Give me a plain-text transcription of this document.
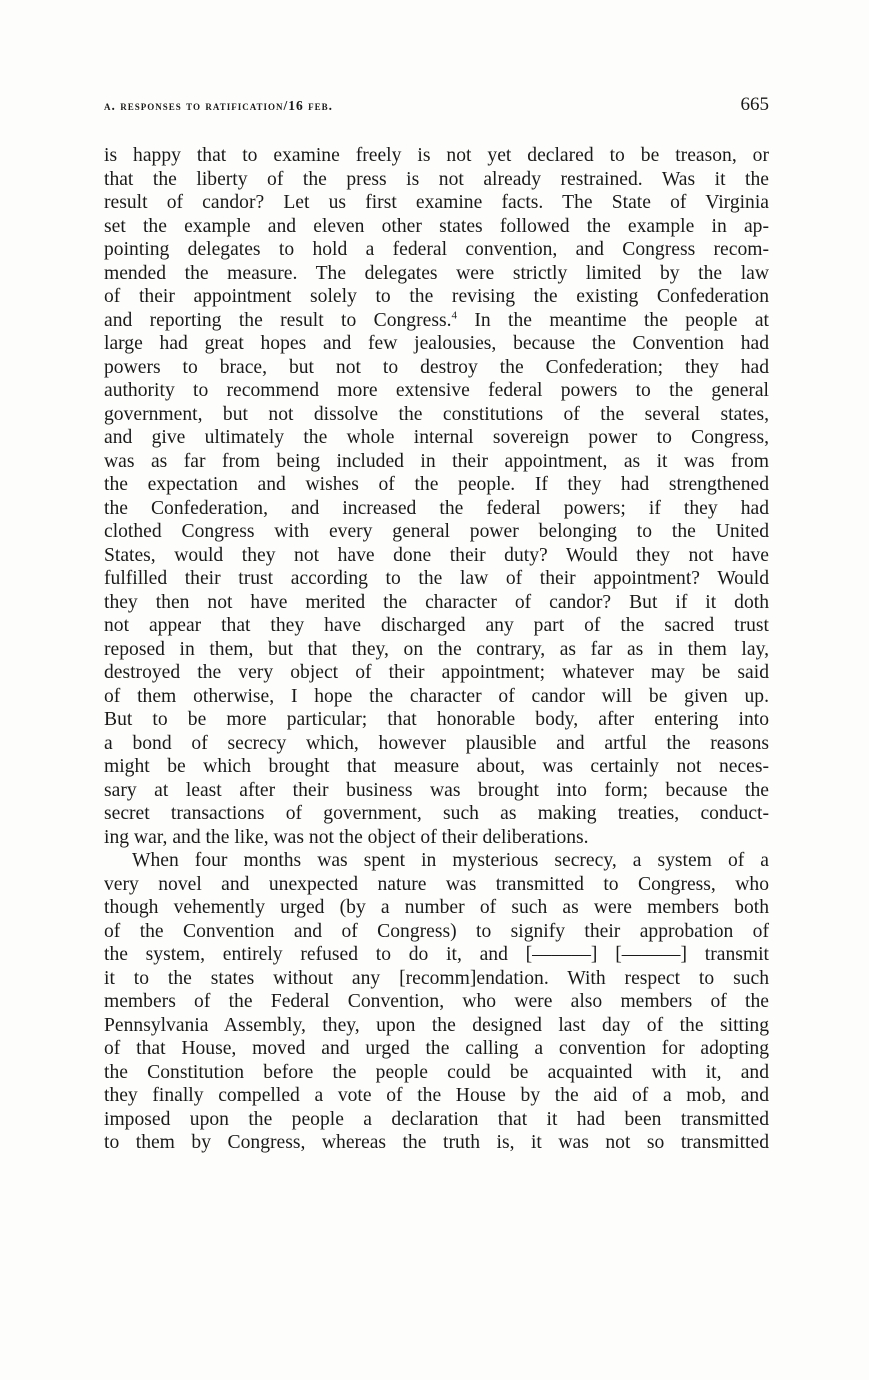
a. responses to ratification/16 feb.	665
is happy that to examine freely is not yet declared to be treason, or
that the liberty of the press is not already restrained. Was it the
result of candor? Let us first examine facts. The State of Virginia
set the example and eleven other states followed the example in ap-
pointing delegates to hold a federal convention, and Congress recom-
mended the measure. The delegates were strictly limited by the law
of their appointment solely to the revising the existing Confederation
and reporting the result to Congress.$^4$ In the meantime the people at
large had great hopes and few jealousies, because the Convention had
powers to brace, but not to destroy the Confederation; they had
authority to recommend more extensive federal powers to the general
government, but not dissolve the constitutions of the several states,
and give ultimately the whole internal sovereign power to Congress,
was as far from being included in their appointment, as it was from
the expectation and wishes of the people. If they had strengthened
the Confederation, and increased the federal powers; if they had
clothed Congress with every general power belonging to the United
States, would they not have done their duty? Would they not have
fulfilled their trust according to the law of their appointment? Would
they then not have merited the character of candor? But if it doth
not appear that they have discharged any part of the sacred trust
reposed in them, but that they, on the contrary, as far as in them lay,
destroyed the very object of their appointment; whatever may be said
of them otherwise, I hope the character of candor will be given up.
But to be more particular; that honorable body, after entering into
a bond of secrecy which, however plausible and artful the reasons
might be which brought that measure about, was certainly not neces-
sary at least after their business was brought into form; because the
secret transactions of government, such as making treaties, conduct-
ing war, and the like, was not the object of their deliberations.
When four months was spent in mysterious secrecy, a system of a
very novel and unexpected nature was transmitted to Congress, who
though vehemently urged (by a number of such as were members both
of the Convention and of Congress) to signify their approbation of
the system, entirely refused to do it, and [———] [———] transmit
it to the states without any [recomm]endation. With respect to such
members of the Federal Convention, who were also members of the
Pennsylvania Assembly, they, upon the designed last day of the sitting
of that House, moved and urged the calling a convention for adopting
the Constitution before the people could be acquainted with it, and
they finally compelled a vote of the House by the aid of a mob, and
imposed upon the people a declaration that it had been transmitted
to them by Congress, whereas the truth is, it was not so transmitted
